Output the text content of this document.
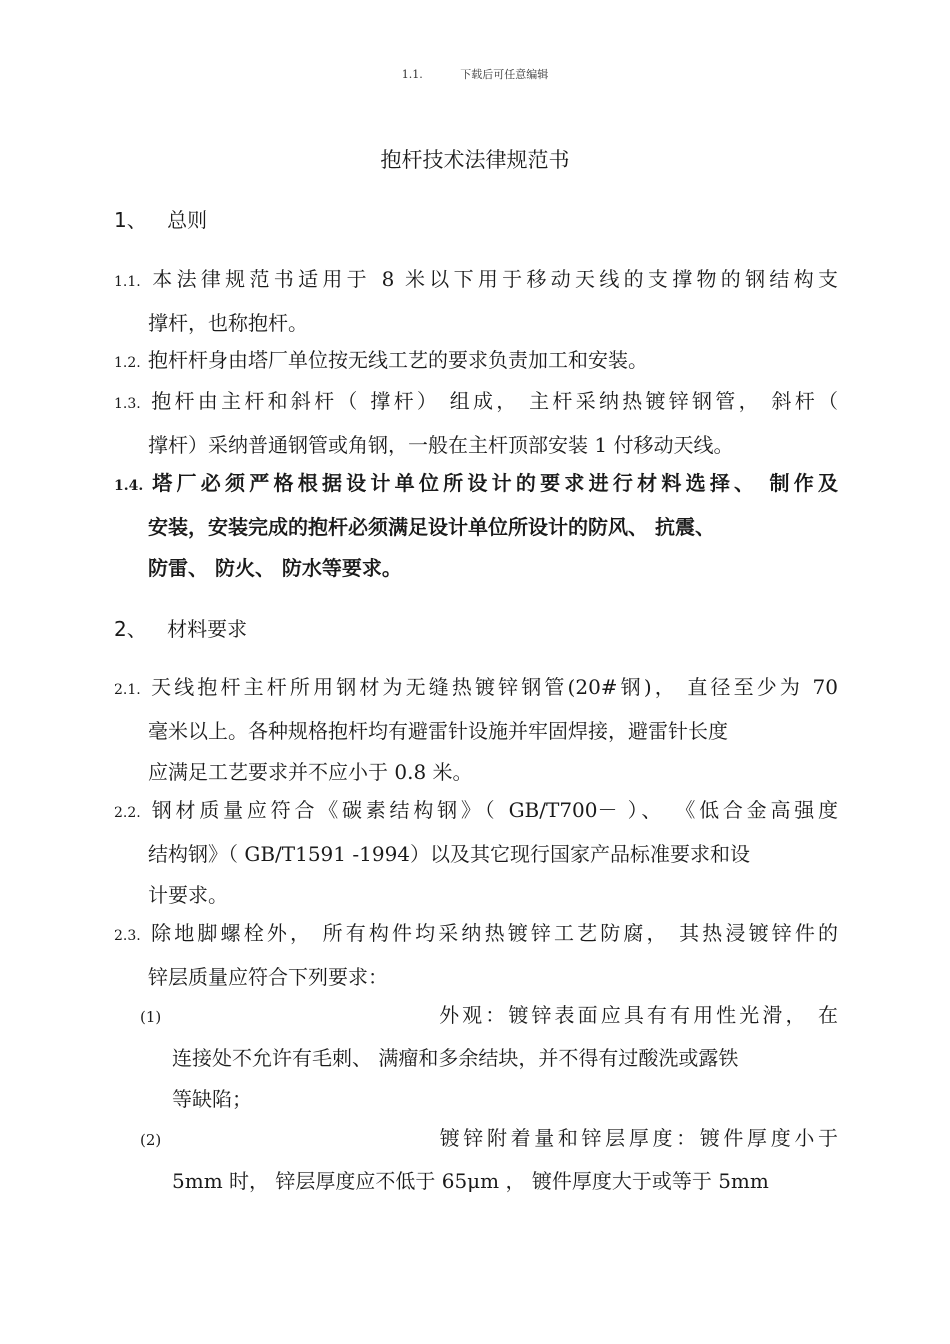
1.1.	下载后可任意编辑
抱杆技术法律规范书
1、 总则
1.1. 本法律规范书适用于 8 米以下用于移动天线的支撑物的钢结构支
撑杆，也称抱杆。
1.2. 抱杆杆身由塔厂单位按无线工艺的要求负责加工和安装。
1.3. 抱杆由主杆和斜杆（ 撑杆） 组成， 主杆采纳热镀锌钢管， 斜杆（
撑杆）采纳普通钢管或角钢，一般在主杆顶部安装 1 付移动天线。
1.4. 塔厂必须严格根据设计单位所设计的要求进行材料选择、 制作及
安装，安装完成的抱杆必须满足设计单位所设计的防风、 抗震、
防雷、 防火、 防水等要求。
2、 材料要求
2.1. 天线抱杆主杆所用钢材为无缝热镀锌钢管(20#钢)， 直径至少为 70
毫米以上。各种规格抱杆均有避雷针设施并牢固焊接，避雷针长度
应满足工艺要求并不应小于 0.8 米。
2.2. 钢材质量应符合《碳素结构钢》（ GB/T700－ ）、 《低合金高强度
结构钢》（ GB/T1591 -1994）以及其它现行国家产品标准要求和设
计要求。
2.3. 除地脚螺栓外， 所有构件均采纳热镀锌工艺防腐， 其热浸镀锌件的
锌层质量应符合下列要求：
(1)	外观：镀锌表面应具有有用性光滑， 在
连接处不允许有毛刺、 满瘤和多余结块，并不得有过酸洗或露铁
等缺陷；
(2)	镀锌附着量和锌层厚度：镀件厚度小于
5mm 时， 锌层厚度应不低于 65μm ， 镀件厚度大于或等于 5mm
